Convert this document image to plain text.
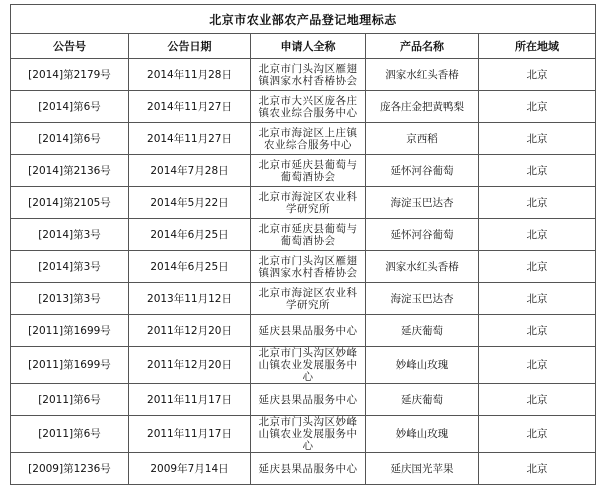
北京市农业部农产品登记地理标志				
公告号	公告日期	申请人全称	产品名称	所在地域
[2014]第2179号	2014年11月28日	北京市门头沟区雁翅镇泗家水村香椿协会	泗家水红头香椿	北京
[2014]第6号	2014年11月27日	北京市大兴区庞各庄镇农业综合服务中心	庞各庄金把黄鸭梨	北京
[2014]第6号	2014年11月27日	北京市海淀区上庄镇农业综合服务中心	京西稻	北京
[2014]第2136号	2014年7月28日	北京市延庆县葡萄与葡萄酒协会	延怀河谷葡萄	北京
[2014]第2105号	2014年5月22日	北京市海淀区农业科学研究所	海淀玉巴达杏	北京
[2014]第3号	2014年6月25日	北京市延庆县葡萄与葡萄酒协会	延怀河谷葡萄	北京
[2014]第3号	2014年6月25日	北京市门头沟区雁翅镇泗家水村香椿协会	泗家水红头香椿	北京
[2013]第3号	2013年11月12日	北京市海淀区农业科学研究所	海淀玉巴达杏	北京
[2011]第1699号	2011年12月20日	延庆县果品服务中心	延庆葡萄	北京
[2011]第1699号	2011年12月20日	北京市门头沟区妙峰山镇农业发展服务中心	妙峰山玫瑰	北京
[2011]第6号	2011年11月17日	延庆县果品服务中心	延庆葡萄	北京
[2011]第6号	2011年11月17日	北京市门头沟区妙峰山镇农业发展服务中心	妙峰山玫瑰	北京
[2009]第1236号	2009年7月14日	延庆县果品服务中心	延庆国光苹果	北京
